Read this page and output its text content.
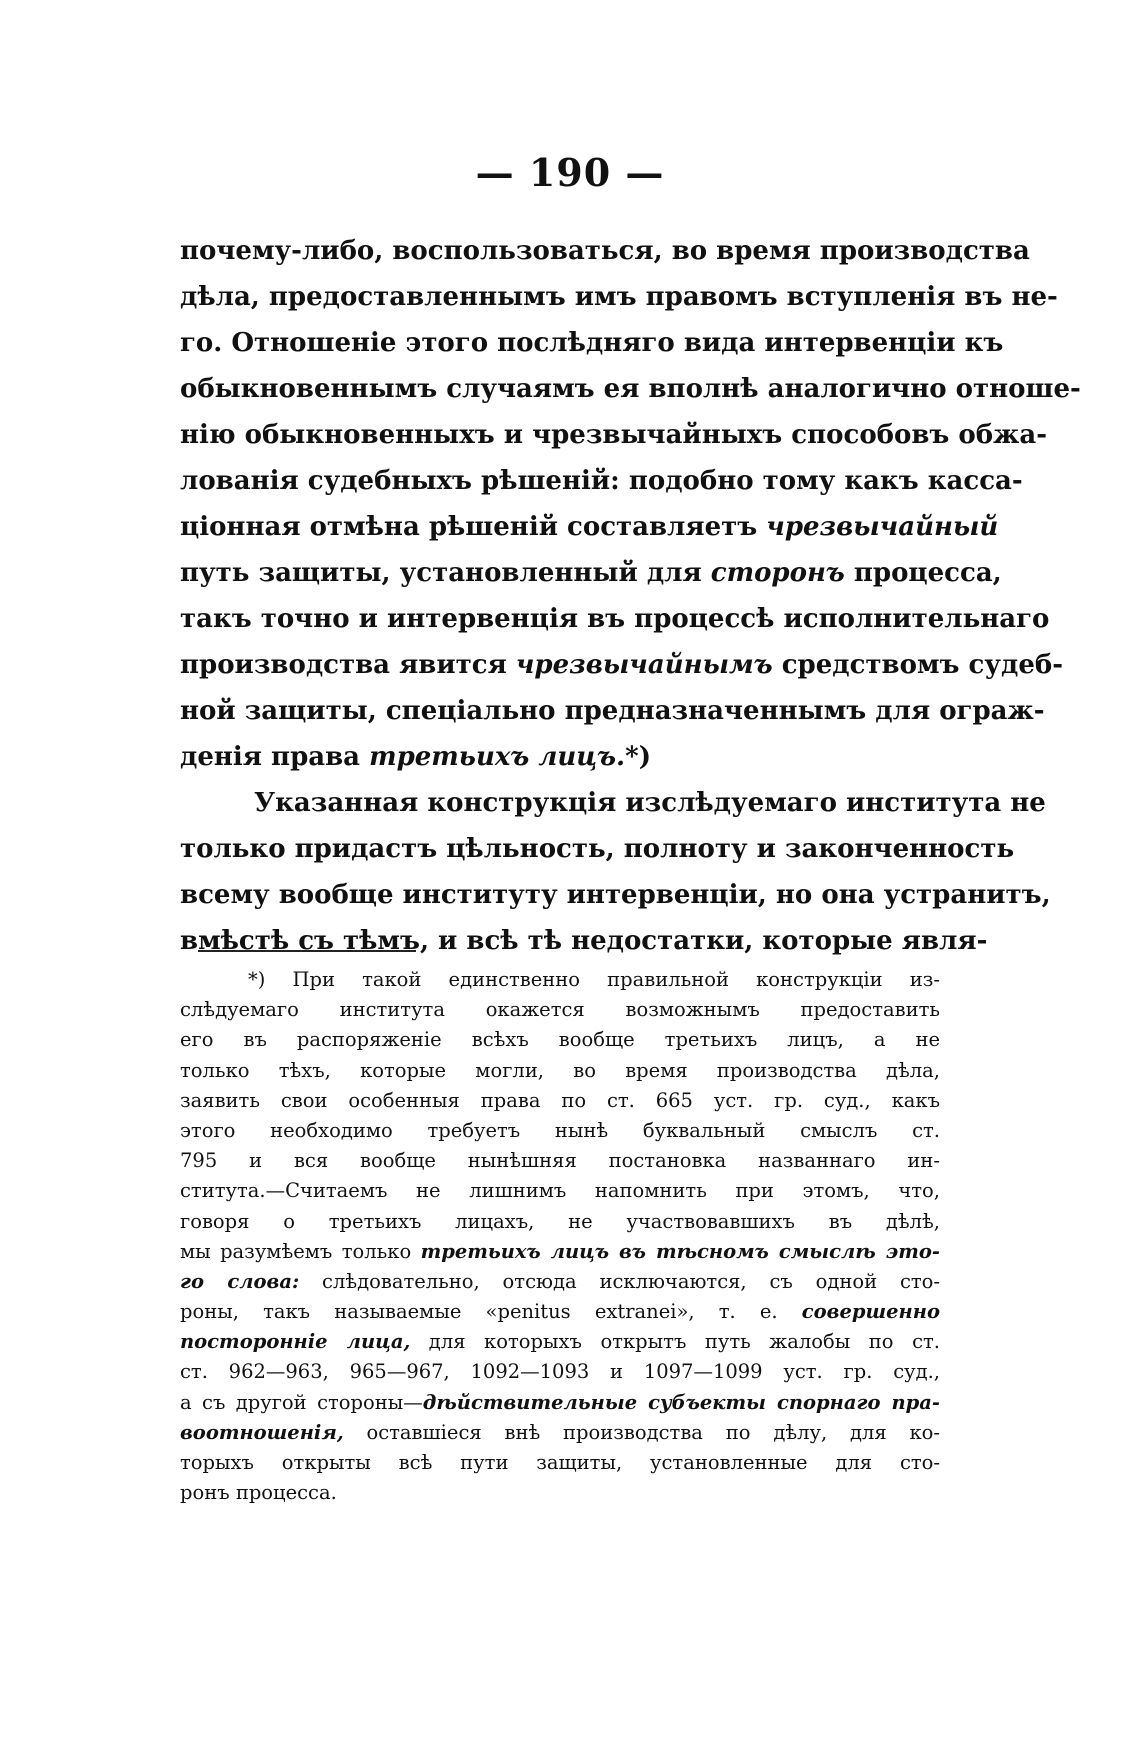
— 190 —
почему-либо, воспользоваться, во время производства
дѣла, предоставленнымъ имъ правомъ вступленія въ не-
го. Отношеніе этого послѣдняго вида интервенціи къ
обыкновеннымъ случаямъ ея вполнѣ аналогично отноше-
нію обыкновенныхъ и чрезвычайныхъ способовъ обжа-
лованія судебныхъ рѣшеній: подобно тому какъ касса-
ціонная отмѣна рѣшеній составляетъ чрезвычайный
путь защиты, установленный для сторонъ процесса,
такъ точно и интервенція въ процессѣ исполнительнаго
производства явится чрезвычайнымъ средствомъ судеб-
ной защиты, спеціально предназначеннымъ для ограж-
денія права третьихъ лицъ.*)
Указанная конструкція изслѣдуемаго института не
только придастъ цѣльность, полноту и законченность
всему вообще институту интервенціи, но она устранитъ,
вмѣстѣ съ тѣмъ, и всѣ тѣ недостатки, которые явля-
*) При такой единственно правильной конструкціи из-
слѣдуемаго института окажется возможнымъ предоставить
его въ распоряженіе всѣхъ вообще третьихъ лицъ, а не
только тѣхъ, которые могли, во время производства дѣла,
заявить свои особенныя права по ст. 665 уст. гр. суд., какъ
этого необходимо требуетъ нынѣ буквальный смыслъ ст.
795 и вся вообще нынѣшняя постановка названнаго ин-
ститута.—Считаемъ не лишнимъ напомнить при этомъ, что,
говоря о третьихъ лицахъ, не участвовавшихъ въ дѣлѣ,
мы разумѣемъ только третьихъ лицъ въ тѣсномъ смыслѣ это-
го слова: слѣдовательно, отсюда исключаются, съ одной сто-
роны, такъ называемые «penitus extranei», т. е. совершенно
посторонніе лица, для которыхъ открытъ путь жалобы по ст.
ст. 962—963, 965—967, 1092—1093 и 1097—1099 уст. гр. суд.,
а съ другой стороны—дѣйствительные субъекты спорнаго пра-
воотношенія, оставшіеся внѣ производства по дѣлу, для ко-
торыхъ открыты всѣ пути защиты, установленные для сто-
ронъ процесса.
